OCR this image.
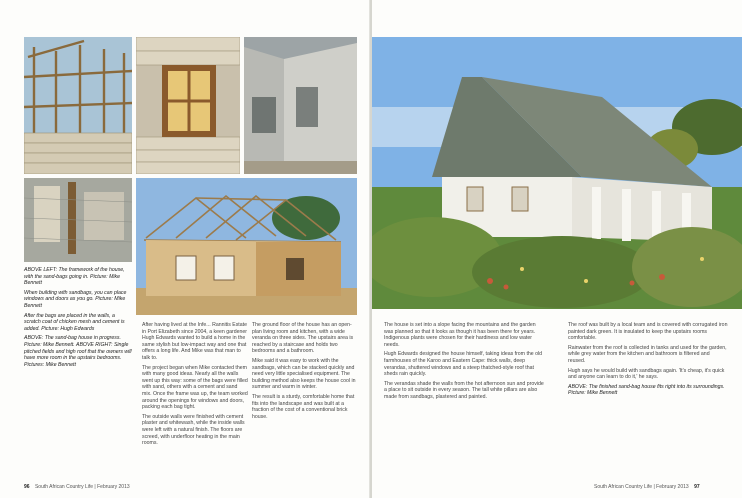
ABOVE LEFT: The framework of the house, with the sand-bags going in. Picture: Mike Bennett

When building with sandbags, you can place windows and doors as you go. Picture: Mike Bennett

After the bags are placed in the walls, a scratch coat of chicken mesh and cement is added. Picture: Hugh Edwards

ABOVE: The sand-bag house in progress. Picture: Mike Bennett. ABOVE RIGHT: Single pitched fields and high roof that the owners will have more room in the upstairs bedrooms. Pictures: Mike Bennett

After having lived at the Infe... Rannitis Estate in Port Elizabeth since 2004, a keen gardener Hugh Edwards wanted to build a home in the same stylish but low-impact way and one that offers a long life. And Mike was that man to talk to.

The project began when Mike contacted them with many good ideas. Nearly all the walls went up this way: some of the bags were filled with sand, others with a cement and sand mix. Once the frame was up, the team worked around the openings for windows and doors, packing each bag tight.

The outside walls were finished with cement plaster and whitewash, while the inside walls were left with a natural finish. The floors are screed, with underfloor heating in the main rooms.

The ground floor of the house has an open-plan living room and kitchen, with a wide veranda on three sides. The upstairs area is reached by a staircase and holds two bedrooms and a bathroom.

Mike said it was easy to work with the sandbags, which can be stacked quickly and need very little specialised equipment. The building method also keeps the house cool in summer and warm in winter.

The result is a sturdy, comfortable home that fits into the landscape and was built at a fraction of the cost of a conventional brick house.

96 South African Country Life | February 2013

The house is set into a slope facing the mountains and the garden was planned so that it looks as though it has been there for years. Indigenous plants were chosen for their hardiness and low water needs.

Hugh Edwards designed the house himself, taking ideas from the old farmhouses of the Karoo and Eastern Cape: thick walls, deep verandas, shuttered windows and a steep thatched-style roof that sheds rain quickly.

The verandas shade the walls from the hot afternoon sun and provide a place to sit outside in every season. The tall white pillars are also made from sandbags, plastered and painted.

The roof was built by a local team and is covered with corrugated iron painted dark green. It is insulated to keep the upstairs rooms comfortable.

Rainwater from the roof is collected in tanks and used for the garden, while grey water from the kitchen and bathroom is filtered and reused.

Hugh says he would build with sandbags again. 'It's cheap, it's quick and anyone can learn to do it,' he says.

ABOVE: The finished sand-bag house fits right into its surroundings. Picture: Mike Bennett

South African Country Life | February 2013 97
